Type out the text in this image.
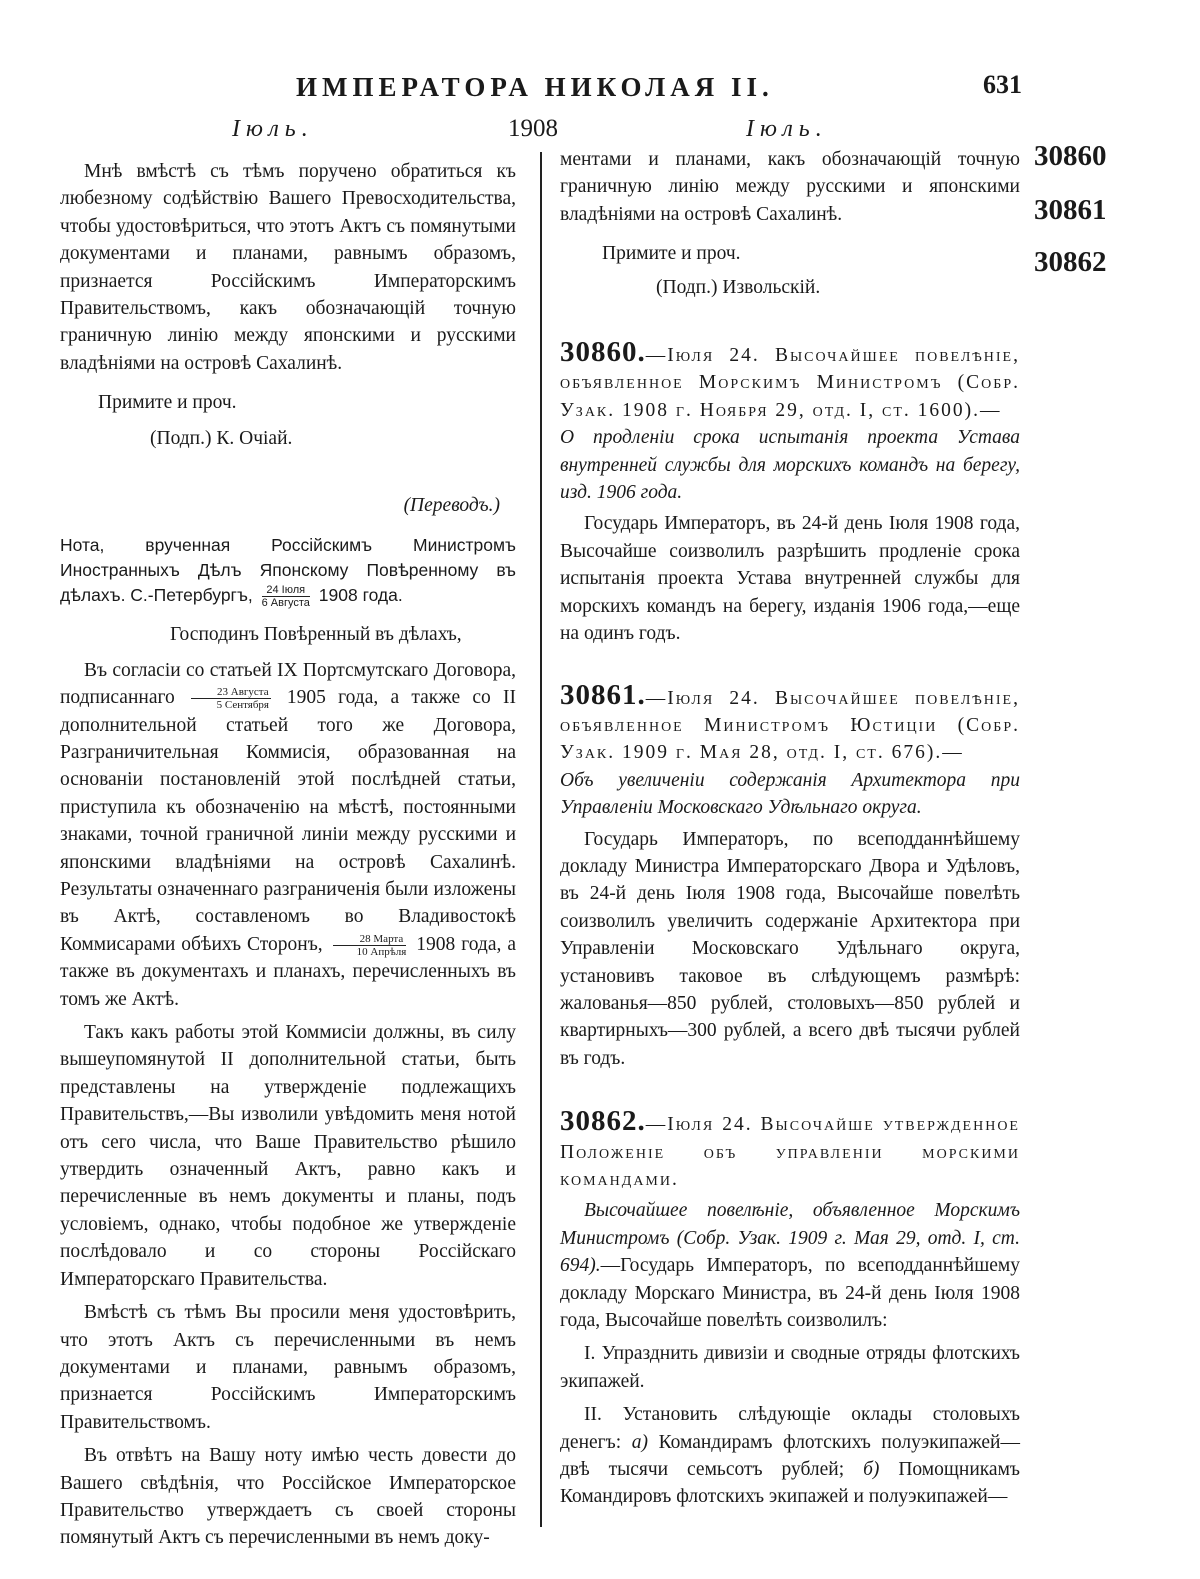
ИМПЕРАТОРА НИКОЛАЯ II.	631
Іюль.	1908	Іюль.
30860
30861
30862

Мнѣ вмѣстѣ съ тѣмъ поручено обратиться къ любезному содѣйствію Вашего Превосходительства, чтобы удостовѣриться, что этотъ Актъ съ помянутыми документами и планами, равнымъ образомъ, признается Россійскимъ Императорскимъ Правительствомъ, какъ обозначающій точную граничную линію между японскими и русскими владѣніями на островѣ Сахалинѣ.

Примите и проч.

(Подп.) К. Очіай.

(Переводъ.)

Нота, врученная Россійскимъ Министромъ Иностранныхъ Дѣлъ Японскому Повѣренному въ дѣлахъ. С.-Петербургъ, $\frac{\text{24 Іюля}}{\text{6 Августа}} 1908$ года.

Господинъ Повѣренный въ дѣлахъ,

Въ согласіи со статьей IX Портсмутскаго Договора, подписаннаго $\frac{\text{23 Августа}}{\text{5 Сентября}} 1905$ года, а также со II дополнительной статьей того же Договора, Разграничительная Коммисія, образованная на основаніи постановленій этой послѣдней статьи, приступила къ обозначенію на мѣстѣ, постоянными знаками, точной граничной линіи между русскими и японскими владѣніями на островѣ Сахалинѣ. Результаты означеннаго разграниченія были изложены въ Актѣ, составленомъ во Владивостокѣ Коммисарами обѣихъ Сторонъ, $\frac{\text{28 Марта}}{\text{10 Апрѣля}} 1908$ года, а также въ документахъ и планахъ, перечисленныхъ въ томъ же Актѣ.

Такъ какъ работы этой Коммисіи должны, въ силу вышеупомянутой II дополнительной статьи, быть представлены на утвержденіе подлежащихъ Правительствъ,—Вы изволили увѣдомить меня нотой отъ сего числа, что Ваше Правительство рѣшило утвердить означенный Актъ, равно какъ и перечисленные въ немъ документы и планы, подъ условіемъ, однако, чтобы подобное же утвержденіе послѣдовало и со стороны Россійскаго Императорскаго Правительства.

Вмѣстѣ съ тѣмъ Вы просили меня удостовѣрить, что этотъ Актъ съ перечисленными въ немъ документами и планами, равнымъ образомъ, признается Россійскимъ Императорскимъ Правительствомъ.

Въ отвѣтъ на Вашу ноту имѣю честь довести до Вашего свѣдѣнія, что Россійское Императорское Правительство утверждаетъ съ своей стороны помянутый Актъ съ перечисленными въ немъ доку-

ментами и планами, какъ обозначающій точную граничную линію между русскими и японскими владѣніями на островѣ Сахалинѣ.

Примите и проч.

(Подп.) Извольскій.

30860.—Іюля 24. Высочайшее повелѣніе, объявленное Морскимъ Министромъ (Собр. Узак. 1908 г. Ноября 29, отд. I, ст. 1600).—

О продленіи срока испытанія проекта Устава внутренней службы для морскихъ командъ на берегу, изд. 1906 года.

Государь Императоръ, въ 24-й день Іюля 1908 года, Высочайше соизволилъ разрѣшить продленіе срока испытанія проекта Устава внутренней службы для морскихъ командъ на берегу, изданія 1906 года,—еще на одинъ годъ.

30861.—Іюля 24. Высочайшее повелѣніе, объявленное Министромъ Юстиціи (Собр. Узак. 1909 г. Мая 28, отд. I, ст. 676).—

Объ увеличеніи содержанія Архитектора при Управленіи Московскаго Удѣльнаго округа.

Государь Императоръ, по всеподданнѣйшему докладу Министра Императорскаго Двора и Удѣловъ, въ 24-й день Іюля 1908 года, Высочайше повелѣть соизволилъ увеличить содержаніе Архитектора при Управленіи Московскаго Удѣльнаго округа, установивъ таковое въ слѣдующемъ размѣрѣ: жалованья—850 рублей, столовыхъ—850 рублей и квартирныхъ—300 рублей, а всего двѣ тысячи рублей въ годъ.

30862.—Іюля 24. Высочайше утвержденное Положеніе объ управленіи морскими командами.

Высочайшее повелѣніе, объявленное Морскимъ Министромъ (Собр. Узак. 1909 г. Мая 29, отд. I, ст. 694).—Государь Императоръ, по всеподданнѣйшему докладу Морскаго Министра, въ 24-й день Іюля 1908 года, Высочайше повелѣть соизволилъ:

I. Упразднить дивизіи и сводные отряды флотскихъ экипажей.

II. Установить слѣдующіе оклады столовыхъ денегъ: а) Командирамъ флотскихъ полуэкипажей—двѣ тысячи семьсотъ рублей; б) Помощникамъ Командировъ флотскихъ экипажей и полуэкипажей—
